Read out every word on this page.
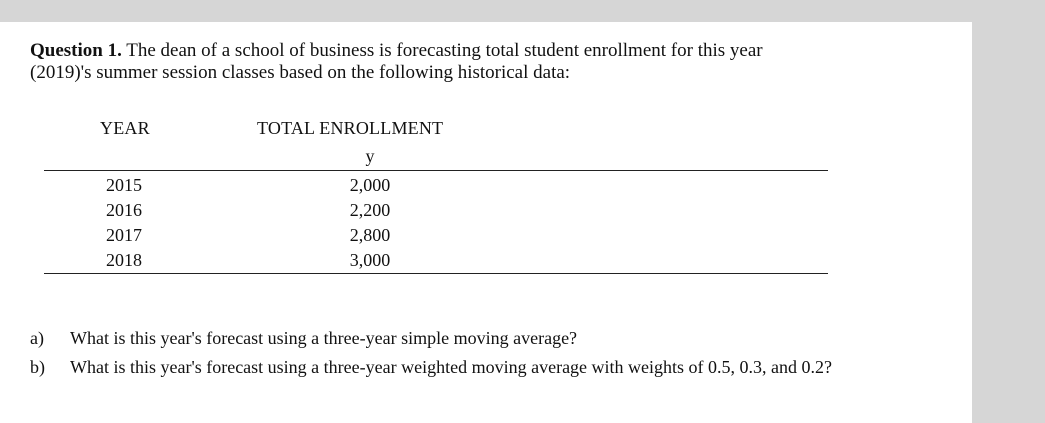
Question 1. The dean of a school of business is forecasting total student enrollment for this year
(2019)'s summer session classes based on the following historical data:
YEAR	TOTAL ENROLLMENT
y
2015	2,000
2016	2,200
2017	2,800
2018	3,000
a) What is this year's forecast using a three-year simple moving average?
b) What is this year's forecast using a three-year weighted moving average with weights of 0.5, 0.3, and 0.2?
